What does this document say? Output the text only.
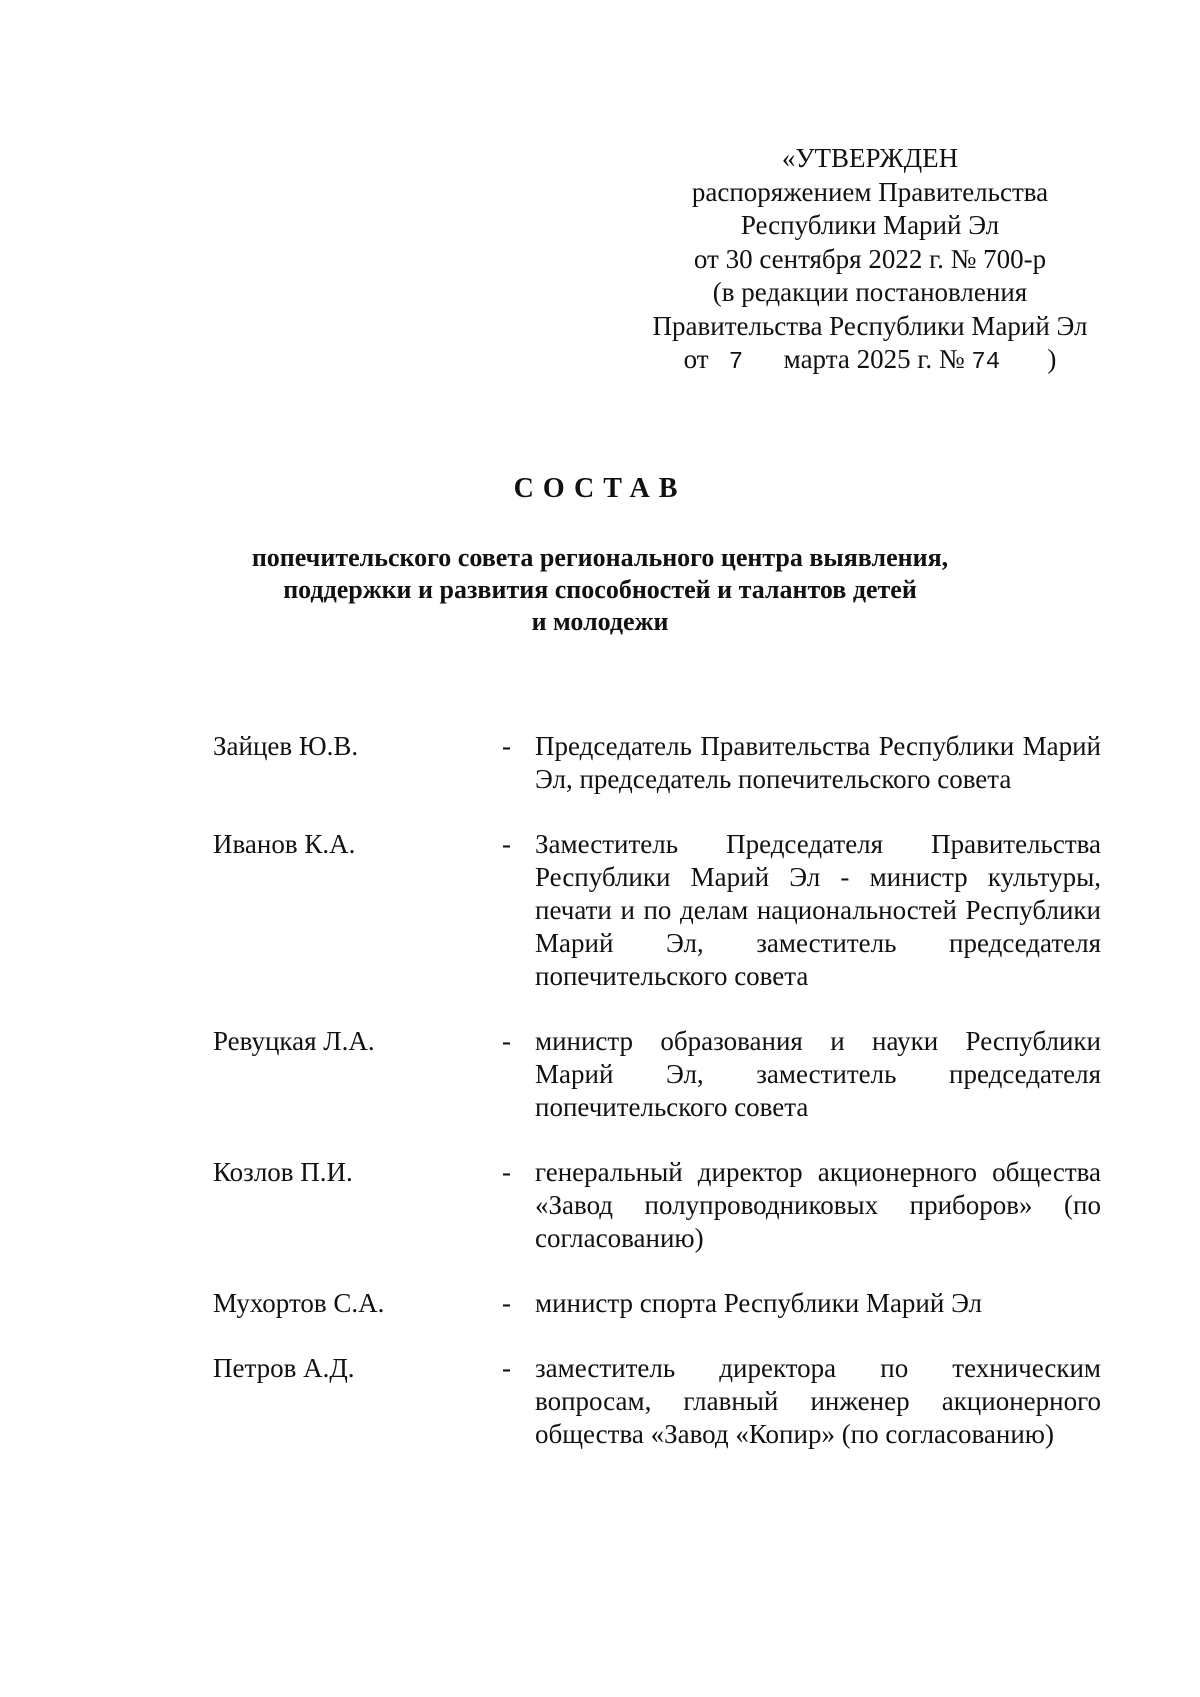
«УТВЕРЖДЕН
распоряжением Правительства
Республики Марий Эл
от 30 сентября 2022 г. № 700-р
(в редакции постановления
Правительства Республики Марий Эл
от 7 марта 2025 г. № 74 )
СОСТАВ
попечительского совета регионального центра выявления,
поддержки и развития способностей и талантов детей
и молодежи
Зайцев Ю.В.	- Председатель Правительства Республики Марий Эл, председатель попечительского совета
Иванов К.А.	- Заместитель Председателя Правительства Республики Марий Эл - министр культуры, печати и по делам национальностей Республики Марий Эл, заместитель председателя попечительского совета
Ревуцкая Л.А.	- министр образования и науки Республики Марий Эл, заместитель председателя попечительского совета
Козлов П.И.	- генеральный директор акционерного общества «Завод полупроводниковых приборов» (по согласованию)
Мухортов С.А.	- министр спорта Республики Марий Эл
Петров А.Д.	- заместитель директора по техническим вопросам, главный инженер акционерного общества «Завод «Копир» (по согласованию)
